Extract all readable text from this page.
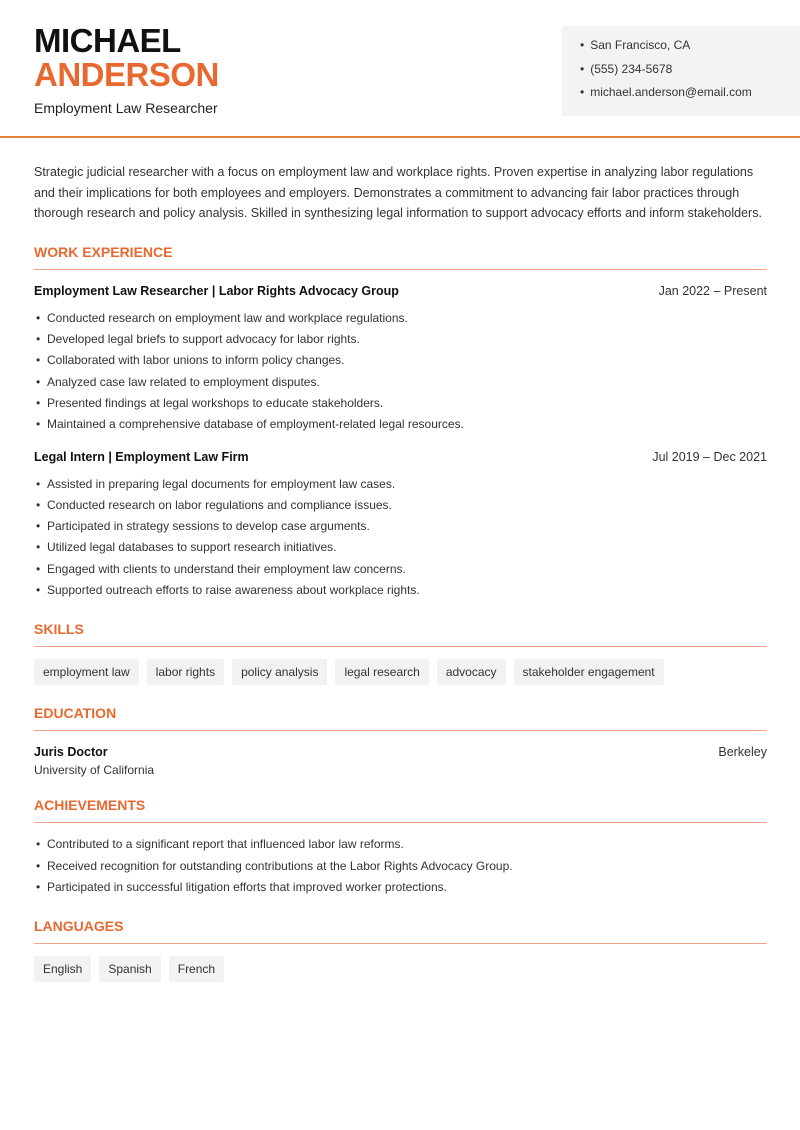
MICHAEL
ANDERSON
Employment Law Researcher
• San Francisco, CA
• (555) 234-5678
• michael.anderson@email.com

Strategic judicial researcher with a focus on employment law and workplace rights. Proven expertise in analyzing labor regulations and their implications for both employees and employers. Demonstrates a commitment to advancing fair labor practices through thorough research and policy analysis. Skilled in synthesizing legal information to support advocacy efforts and inform stakeholders.

WORK EXPERIENCE
Employment Law Researcher | Labor Rights Advocacy Group	Jan 2022 – Present
• Conducted research on employment law and workplace regulations.
• Developed legal briefs to support advocacy for labor rights.
• Collaborated with labor unions to inform policy changes.
• Analyzed case law related to employment disputes.
• Presented findings at legal workshops to educate stakeholders.
• Maintained a comprehensive database of employment-related legal resources.
Legal Intern | Employment Law Firm	Jul 2019 – Dec 2021
• Assisted in preparing legal documents for employment law cases.
• Conducted research on labor regulations and compliance issues.
• Participated in strategy sessions to develop case arguments.
• Utilized legal databases to support research initiatives.
• Engaged with clients to understand their employment law concerns.
• Supported outreach efforts to raise awareness about workplace rights.
SKILLS
employment law	labor rights	policy analysis	legal research	advocacy	stakeholder engagement
EDUCATION
Juris Doctor	Berkeley
University of California
ACHIEVEMENTS
• Contributed to a significant report that influenced labor law reforms.
• Received recognition for outstanding contributions at the Labor Rights Advocacy Group.
• Participated in successful litigation efforts that improved worker protections.
LANGUAGES
English	Spanish	French
